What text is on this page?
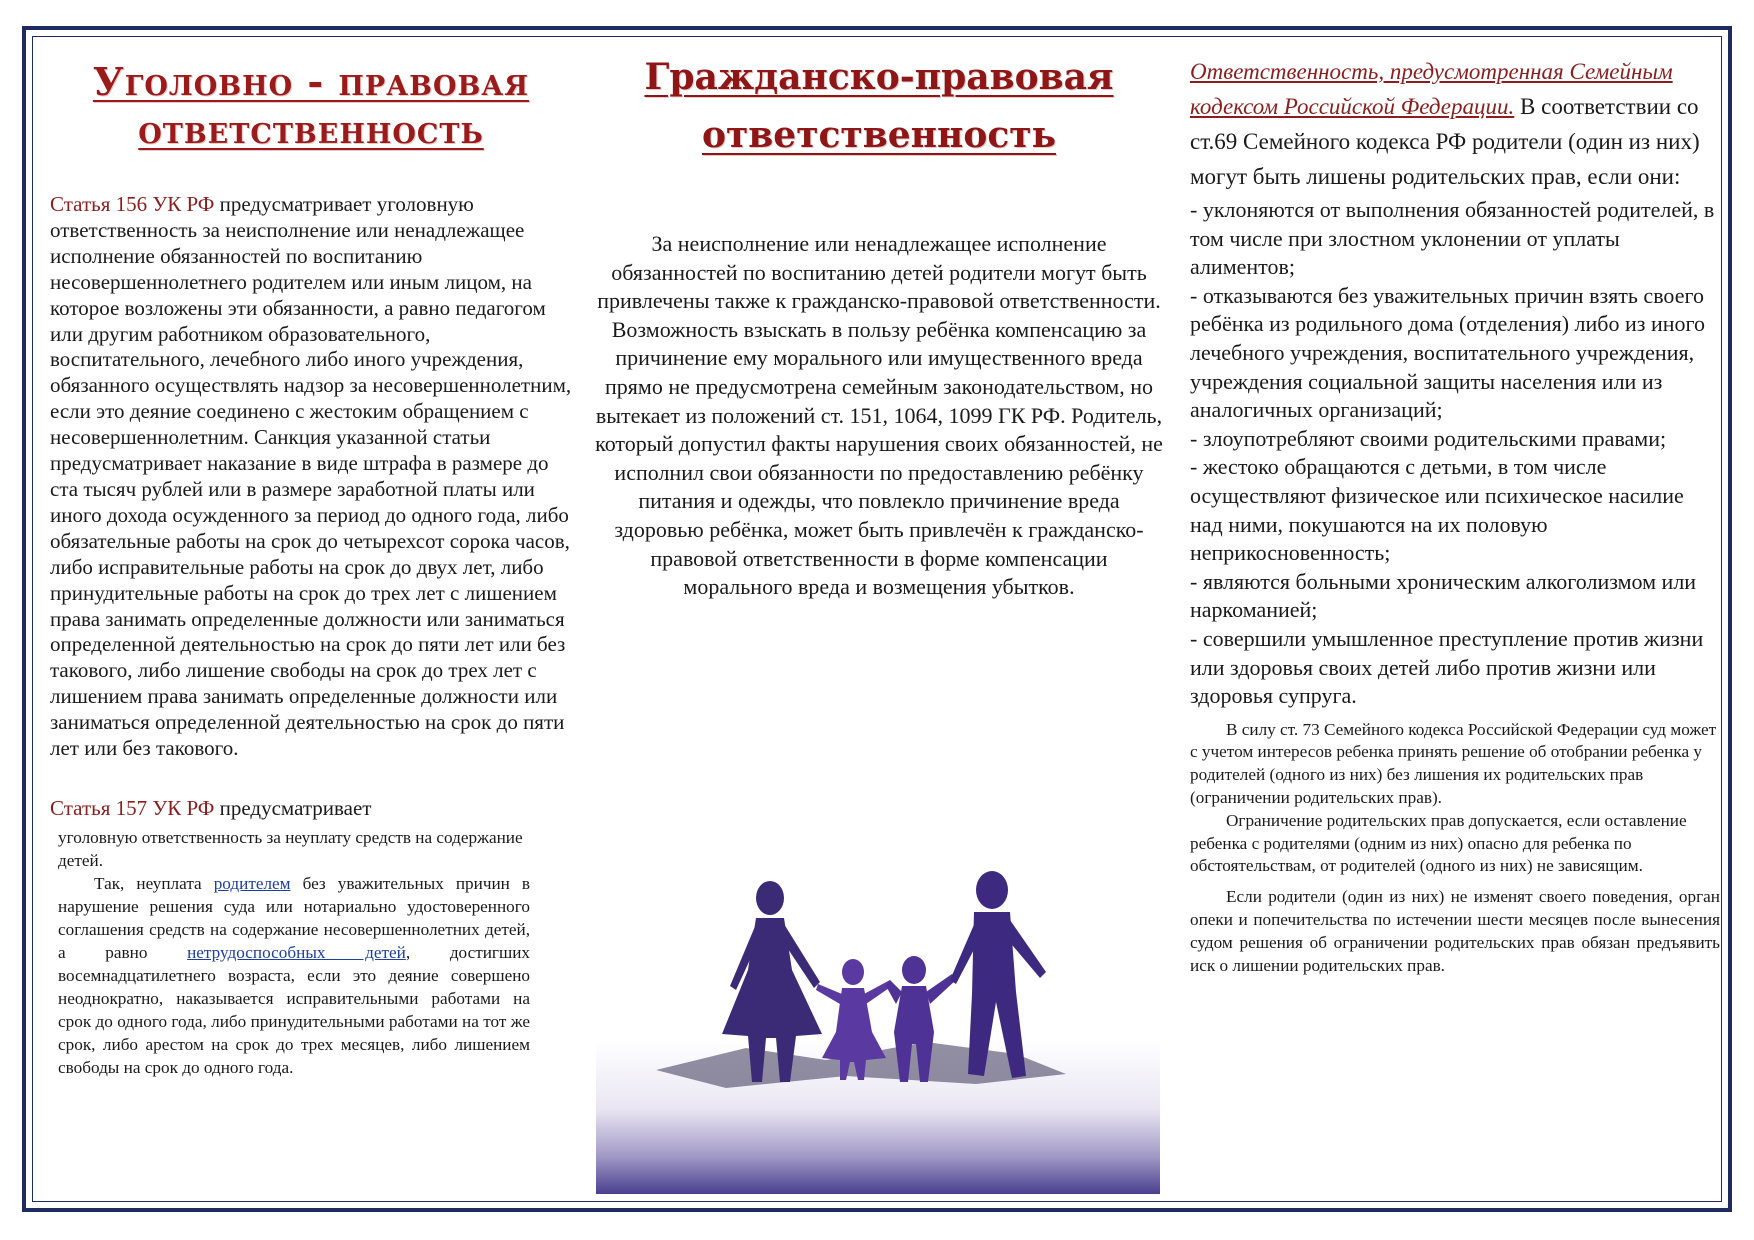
Уголовно - правовая
ответственность

Статья 156 УК РФ предусматривает уголовную ответственность за неисполнение или ненадлежащее исполнение обязанностей по воспитанию несовершеннолетнего родителем или иным лицом, на которое возложены эти обязанности, а равно педагогом или другим работником образовательного, воспитательного, лечебного либо иного учреждения, обязанного осуществлять надзор за несовершеннолетним, если это деяние соединено с жестоким обращением с несовершеннолетним. Санкция указанной статьи предусматривает наказание в виде штрафа в размере до ста тысяч рублей или в размере заработной платы или иного дохода осужденного за период до одного года, либо обязательные работы на срок до четырехсот сорока часов, либо исправительные работы на срок до двух лет, либо принудительные работы на срок до трех лет с лишением права занимать определенные должности или заниматься определенной деятельностью на срок до пяти лет или без такового, либо лишение свободы на срок до трех лет с лишением права занимать определенные должности или заниматься определенной деятельностью на срок до пяти лет или без такового.

Статья 157 УК РФ предусматривает

уголовную ответственность за неуплату средств на содержание детей.

Так, неуплата родителем без уважительных причин в нарушение решения суда или нотариально удостоверенного соглашения средств на содержание несовершеннолетних детей, а равно нетрудоспособных детей, достигших восемнадцатилетнего возраста, если это деяние совершено неоднократно, наказывается исправительными работами на срок до одного года, либо принудительными работами на тот же срок, либо арестом на срок до трех месяцев, либо лишением свободы на срок до одного года.

Гражданско-правовая
ответственность

За неисполнение или ненадлежащее исполнение обязанностей по воспитанию детей родители могут быть привлечены также к гражданско-правовой ответственности. Возможность взыскать в пользу ребёнка компенсацию за причинение ему морального или имущественного вреда прямо не предусмотрена семейным законодательством, но вытекает из положений ст. 151, 1064, 1099 ГК РФ. Родитель, который допустил факты нарушения своих обязанностей, не исполнил свои обязанности по предоставлению ребёнку питания и одежды, что повлекло причинение вреда здоровью ребёнка, может быть привлечён к гражданско-правовой ответственности в форме компенсации морального вреда и возмещения убытков.

Ответственность, предусмотренная Семейным кодексом Российской Федерации. В соответствии со ст.69 Семейного кодекса РФ родители (один из них) могут быть лишены родительских прав, если они:

- уклоняются от выполнения обязанностей родителей, в том числе при злостном уклонении от уплаты алиментов;
- отказываются без уважительных причин взять своего ребёнка из родильного дома (отделения) либо из иного лечебного учреждения, воспитательного учреждения, учреждения социальной защиты населения или из аналогичных организаций;
- злоупотребляют своими родительскими правами;
- жестоко обращаются с детьми, в том числе осуществляют физическое или психическое насилие над ними, покушаются на их половую неприкосновенность;
- являются больными хроническим алкоголизмом или наркоманией;
- совершили умышленное преступление против жизни или здоровья своих детей либо против жизни или здоровья супруга.

В силу ст. 73 Семейного кодекса Российской Федерации суд может с учетом интересов ребенка принять решение об отобрании ребенка у родителей (одного из них) без лишения их родительских прав (ограничении родительских прав).

Ограничение родительских прав допускается, если оставление ребенка с родителями (одним из них) опасно для ребенка по обстоятельствам, от родителей (одного из них) не зависящим.

Если родители (один из них) не изменят своего поведения, орган опеки и попечительства по истечении шести месяцев после вынесения судом решения об ограничении родительских прав обязан предъявить иск о лишении родительских прав.
